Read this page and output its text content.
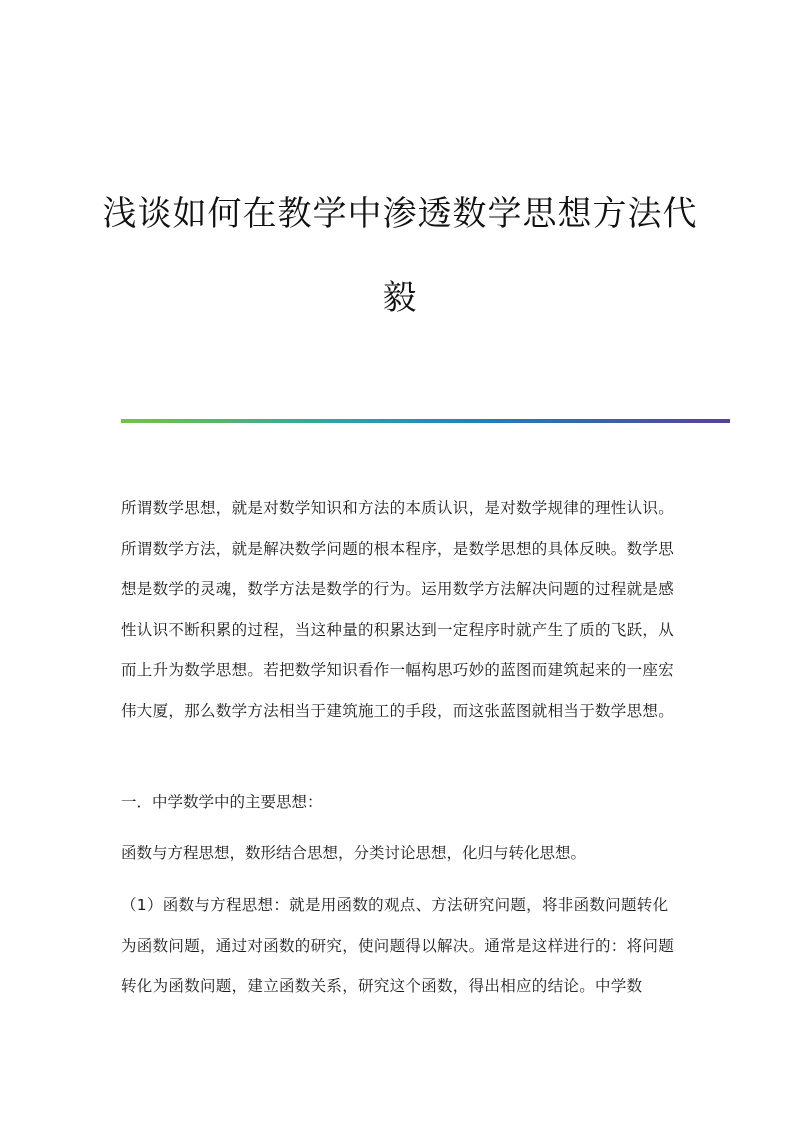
浅谈如何在教学中渗透数学思想方法代
毅

所谓数学思想，就是对数学知识和方法的本质认识，是对数学规律的理性认识。所谓数学方法，就是解决数学问题的根本程序，是数学思想的具体反映。数学思想是数学的灵魂，数学方法是数学的行为。运用数学方法解决问题的过程就是感性认识不断积累的过程，当这种量的积累达到一定程序时就产生了质的飞跃，从而上升为数学思想。若把数学知识看作一幅构思巧妙的蓝图而建筑起来的一座宏伟大厦，那么数学方法相当于建筑施工的手段，而这张蓝图就相当于数学思想。

一．中学数学中的主要思想：

函数与方程思想，数形结合思想，分类讨论思想，化归与转化思想。

（1）函数与方程思想：就是用函数的观点、方法研究问题，将非函数问题转化为函数问题，通过对函数的研究，使问题得以解决。通常是这样进行的：将问题转化为函数问题，建立函数关系，研究这个函数，得出相应的结论。中学数
